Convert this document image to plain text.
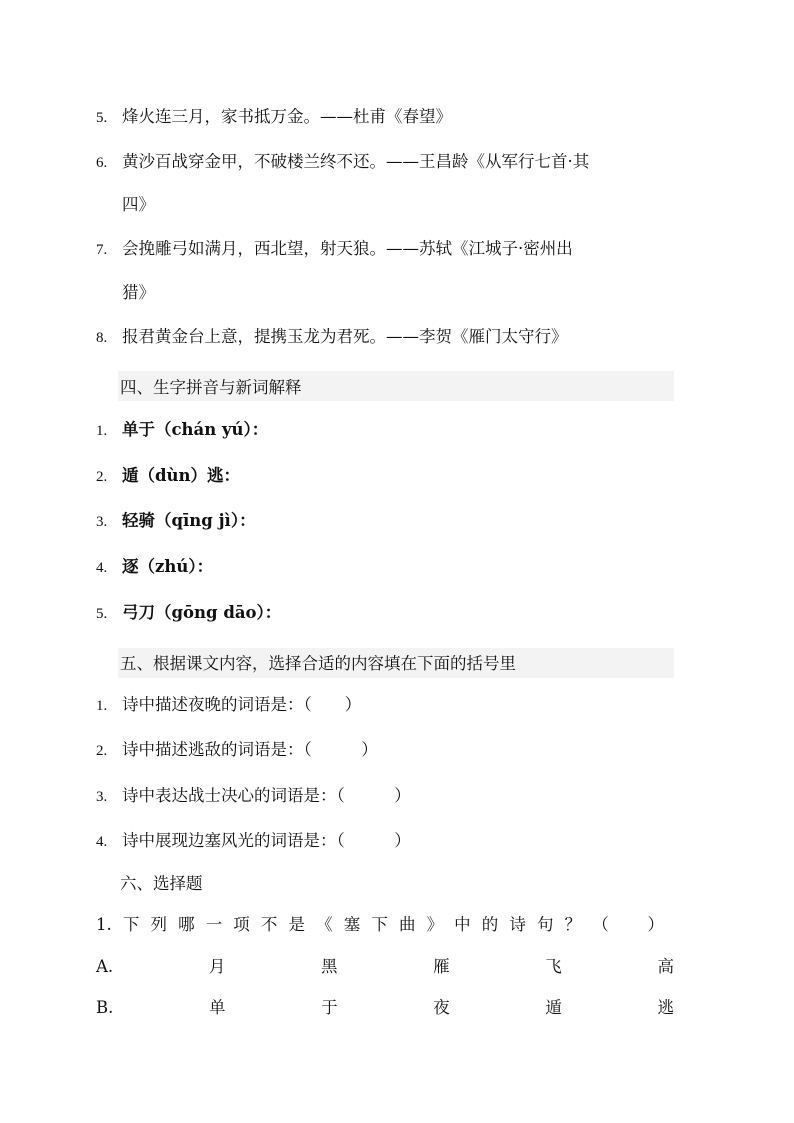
5. 烽火连三月，家书抵万金。——杜甫《春望》
6. 黄沙百战穿金甲，不破楼兰终不还。——王昌龄《从军行七首·其
四》
7. 会挽雕弓如满月，西北望，射天狼。——苏轼《江城子·密州出
猎》
8. 报君黄金台上意，提携玉龙为君死。——李贺《雁门太守行》
四、生字拼音与新词解释
1. 单于（chán yú）：
2. 遁（dùn）逃：
3. 轻骑（qīng jì）：
4. 逐（zhú）：
5. 弓刀（gōng dāo）：
五、根据课文内容，选择合适的内容填在下面的括号里
1. 诗中描述夜晚的词语是：（　　）
2. 诗中描述逃敌的词语是：（　　　）
3. 诗中表达战士决心的词语是：（　　　）
4. 诗中展现边塞风光的词语是：（　　　）
六、选择题
1. 下 列 哪 一 项 不 是 《 塞 下 曲 》 中 的 诗 句 ？ （
　 ）
A.	月	黑	雁	飞	高
B.	单	于	夜	遁	逃
